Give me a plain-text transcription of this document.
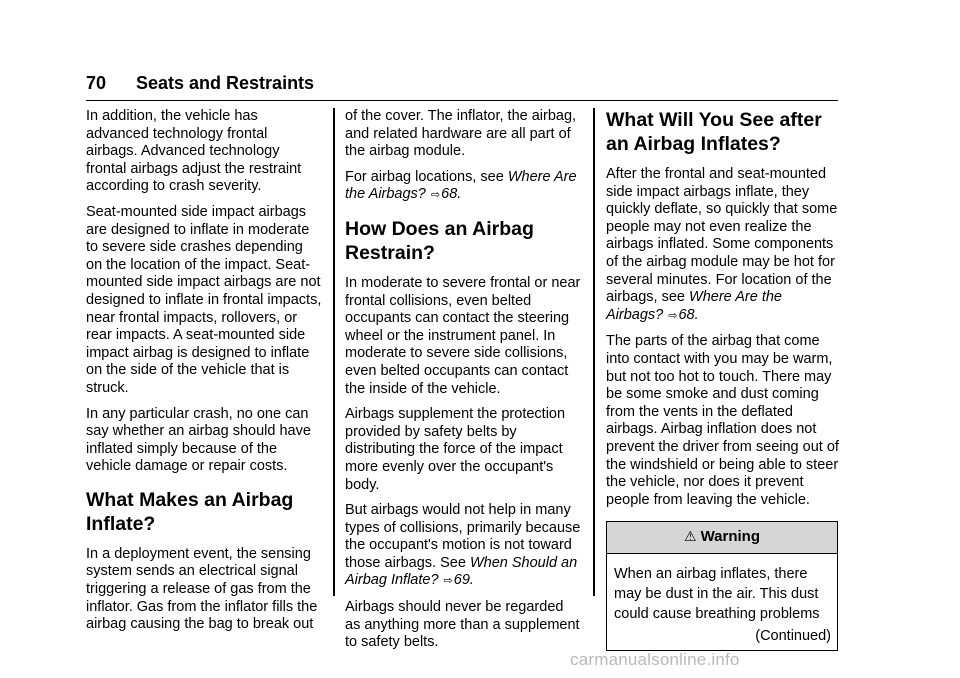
70 Seats and Restraints

In addition, the vehicle has advanced technology frontal airbags. Advanced technology frontal airbags adjust the restraint according to crash severity.

Seat-mounted side impact airbags are designed to inflate in moderate to severe side crashes depending on the location of the impact. Seat-mounted side impact airbags are not designed to inflate in frontal impacts, near frontal impacts, rollovers, or rear impacts. A seat-mounted side impact airbag is designed to inflate on the side of the vehicle that is struck.

In any particular crash, no one can say whether an airbag should have inflated simply because of the vehicle damage or repair costs.

What Makes an Airbag Inflate?

In a deployment event, the sensing system sends an electrical signal triggering a release of gas from the inflator. Gas from the inflator fills the airbag causing the bag to break out

of the cover. The inflator, the airbag, and related hardware are all part of the airbag module.

For airbag locations, see Where Are the Airbags? ⇨68.

How Does an Airbag Restrain?

In moderate to severe frontal or near frontal collisions, even belted occupants can contact the steering wheel or the instrument panel. In moderate to severe side collisions, even belted occupants can contact the inside of the vehicle.

Airbags supplement the protection provided by safety belts by distributing the force of the impact more evenly over the occupant's body.

But airbags would not help in many types of collisions, primarily because the occupant's motion is not toward those airbags. See When Should an Airbag Inflate? ⇨69.

Airbags should never be regarded as anything more than a supplement to safety belts.

What Will You See after an Airbag Inflates?

After the frontal and seat-mounted side impact airbags inflate, they quickly deflate, so quickly that some people may not even realize the airbags inflated. Some components of the airbag module may be hot for several minutes. For location of the airbags, see Where Are the Airbags? ⇨68.

The parts of the airbag that come into contact with you may be warm, but not too hot to touch. There may be some smoke and dust coming from the vents in the deflated airbags. Airbag inflation does not prevent the driver from seeing out of the windshield or being able to steer the vehicle, nor does it prevent people from leaving the vehicle.

⚠ Warning
When an airbag inflates, there may be dust in the air. This dust could cause breathing problems
(Continued)
carmanualsonline.info
